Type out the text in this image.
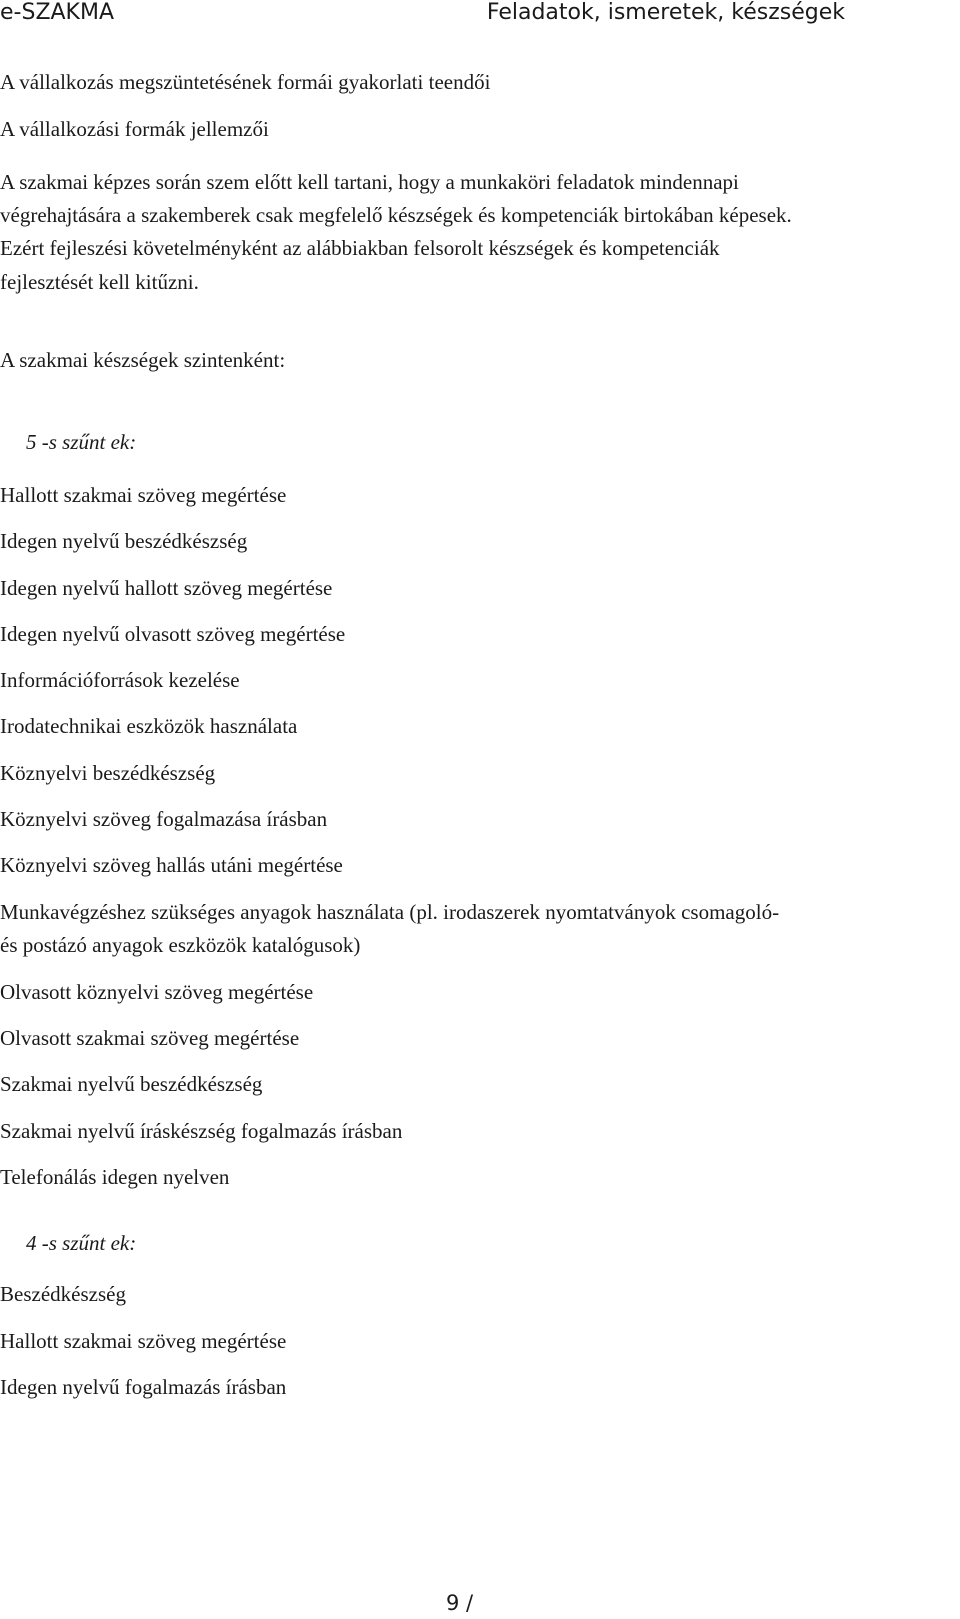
e-SZAKMA	Feladatok, ismeretek, készségek
A vállalkozás megszüntetésének formái gyakorlati teendői
A vállalkozási formák jellemzői
A szakmai képzes során szem előtt kell tartani, hogy a munkaköri feladatok mindennapi
végrehajtására a szakemberek csak megfelelő készségek és kompetenciák birtokában képesek.
Ezért fejleszési követelményként az alábbiakban felsorolt készségek és kompetenciák
fejlesztését kell kitűzni.
A szakmai készségek szintenként:
5 -s szűnt ek:
Hallott szakmai szöveg megértése
Idegen nyelvű beszédkészség
Idegen nyelvű hallott szöveg megértése
Idegen nyelvű olvasott szöveg megértése
Információforrások kezelése
Irodatechnikai eszközök használata
Köznyelvi beszédkészség
Köznyelvi szöveg fogalmazása írásban
Köznyelvi szöveg hallás utáni megértése
Munkavégzéshez szükséges anyagok használata (pl. irodaszerek nyomtatványok csomagoló-
és postázó anyagok eszközök katalógusok)
Olvasott köznyelvi szöveg megértése
Olvasott szakmai szöveg megértése
Szakmai nyelvű beszédkészség
Szakmai nyelvű íráskészség fogalmazás írásban
Telefonálás idegen nyelven
4 -s szűnt ek:
Beszédkészség
Hallott szakmai szöveg megértése
Idegen nyelvű fogalmazás írásban
9 /
